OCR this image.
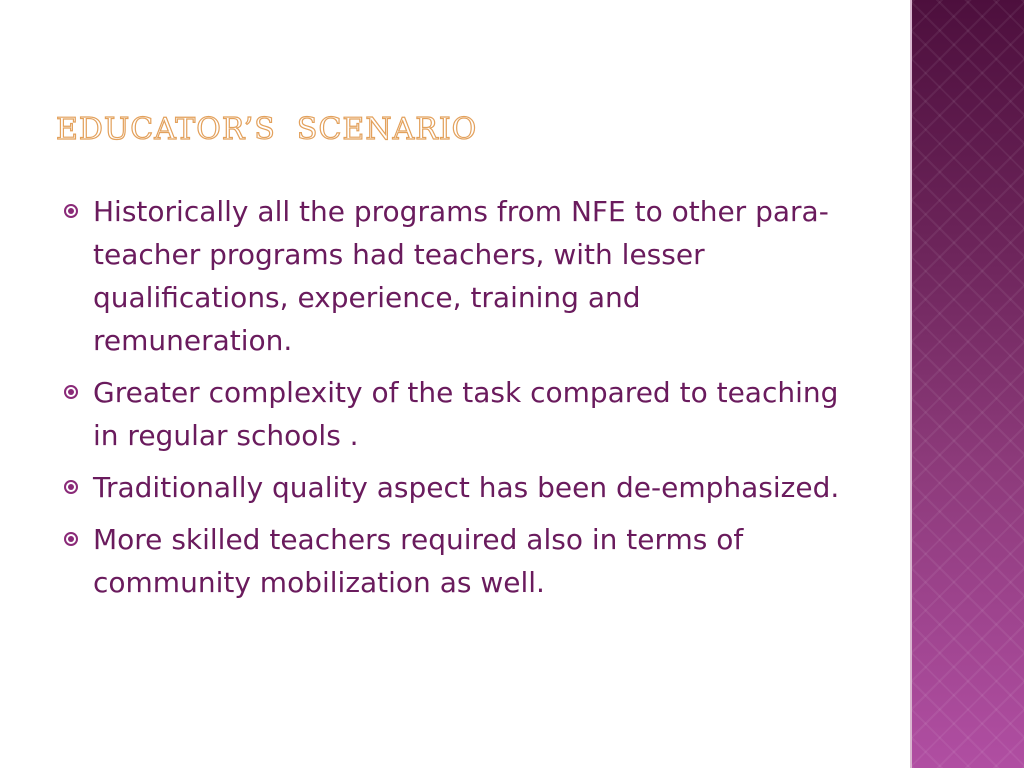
EDUCATOR’S  SCENARIO
Historically all the programs from NFE to other para-teacher programs had teachers, with lesser qualifications, experience, training and remuneration.
Greater complexity of the task compared to teaching in regular schools .
Traditionally quality aspect has been de-emphasized.
More skilled teachers required also in terms of community mobilization as well.
